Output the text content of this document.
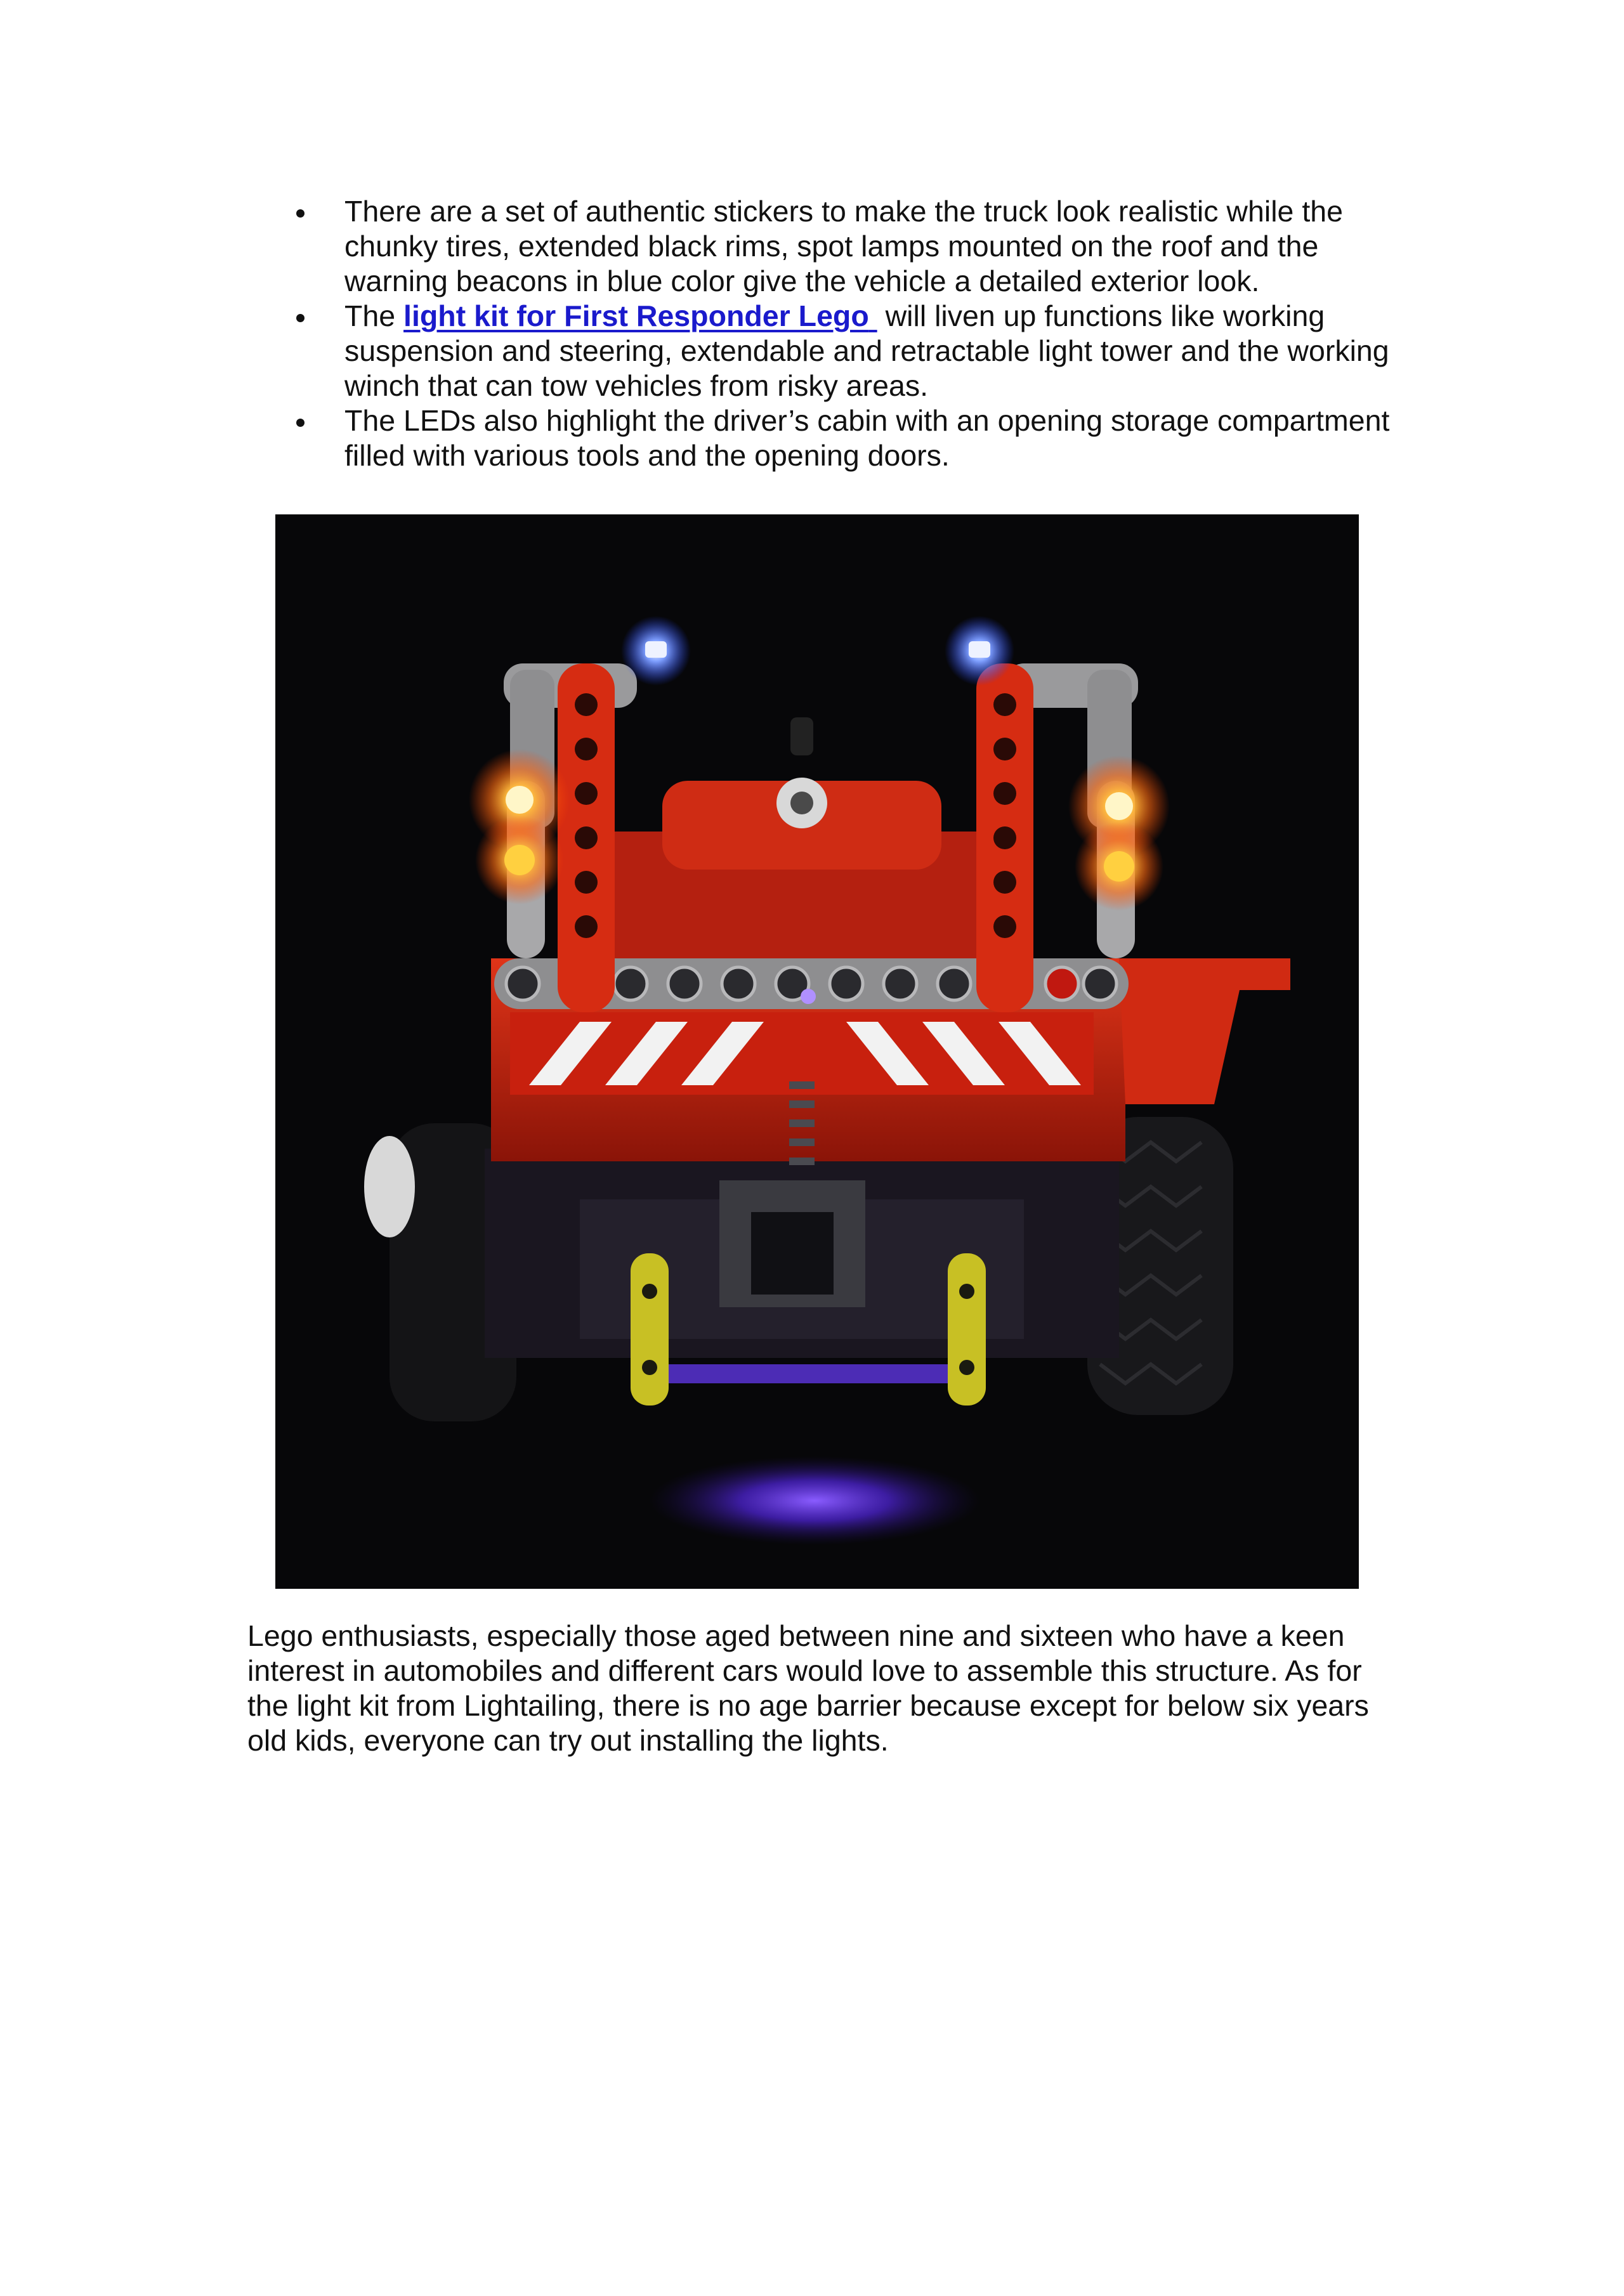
There are a set of authentic stickers to make the truck look realistic while the chunky tires, extended black rims, spot lamps mounted on the roof and the warning beacons in blue color give the vehicle a detailed exterior look.
The light kit for First Responder Lego  will liven up functions like working suspension and steering, extendable and retractable light tower and the working winch that can tow vehicles from risky areas.
The LEDs also highlight the driver’s cabin with an opening storage compartment filled with various tools and the opening doors.

Lego enthusiasts, especially those aged between nine and sixteen who have a keen interest in automobiles and different cars would love to assemble this structure. As for the light kit from Lightailing, there is no age barrier because except for below six years old kids, everyone can try out installing the lights.
